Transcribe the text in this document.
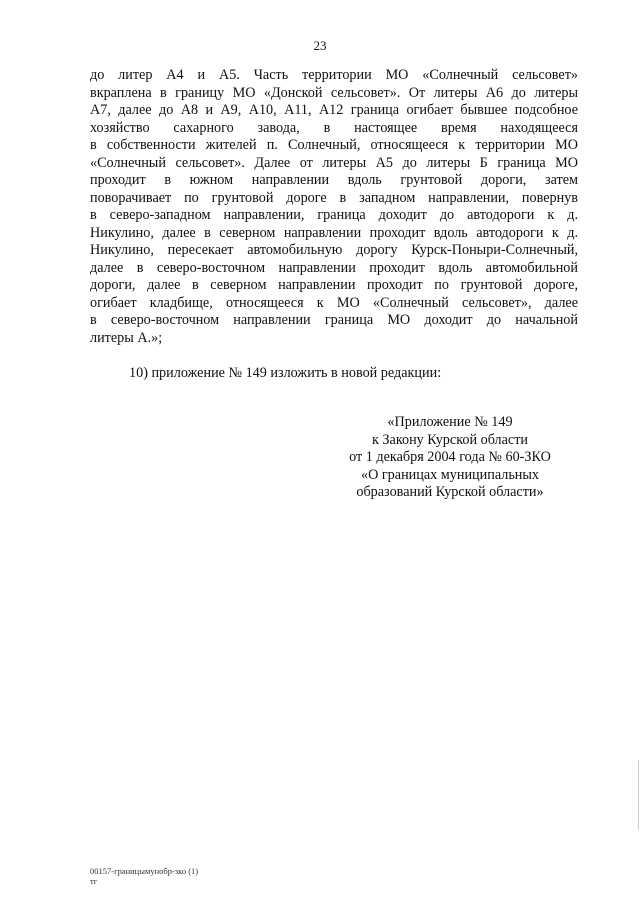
23
до литер А4 и А5. Часть территории МО «Солнечный сельсовет»
вкраплена в границу МО «Донской сельсовет». От литеры А6 до литеры
А7, далее до А8 и А9, А10, А11, А12 граница огибает бывшее подсобное
хозяйство сахарного завода, в настоящее время находящееся
в собственности жителей п. Солнечный, относящееся к территории МО
«Солнечный сельсовет». Далее от литеры А5 до литеры Б граница МО
проходит в южном направлении вдоль грунтовой дороги, затем
поворачивает по грунтовой дороге в западном направлении, повернув
в северо-западном направлении, граница доходит до автодороги к д.
Никулино, далее в северном направлении проходит вдоль автодороги к д.
Никулино, пересекает автомобильную дорогу Курск-Поныри-Солнечный,
далее в северо-восточном направлении проходит вдоль автомобильной
дороги, далее в северном направлении проходит по грунтовой дороге,
огибает кладбище, относящееся к МО «Солнечный сельсовет», далее
в северо-восточном направлении граница МО доходит до начальной
литеры А.»;
10) приложение № 149 изложить в новой редакции:
«Приложение № 149
к Закону Курской области
от 1 декабря 2004 года № 60-ЗКО
«О границах муниципальных
образований Курской области»
00157-границымунобр-зко (1)
тг
